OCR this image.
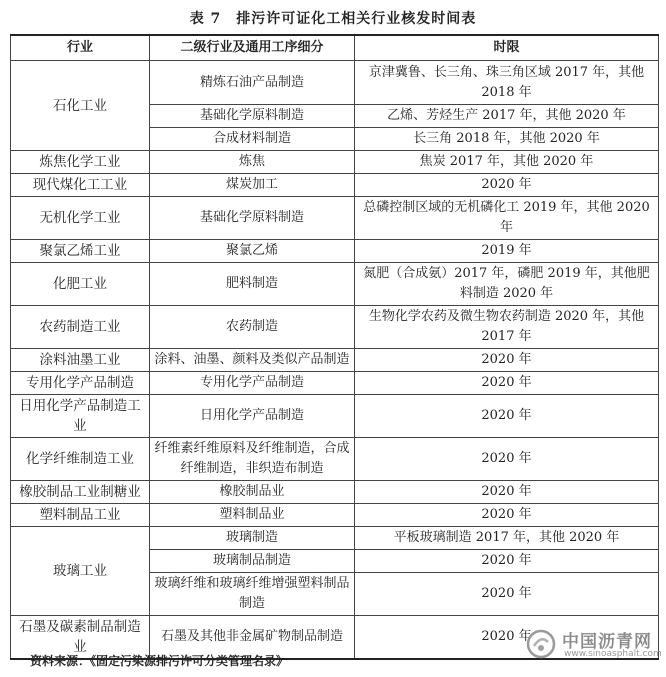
表 7　排污许可证化工相关行业核发时间表
行业	二级行业及通用工序细分	时限
石化工业	精炼石油产品制造	京津冀鲁、长三角、珠三角区域 2017 年，其他 2018 年
	基础化学原料制造	乙烯、芳烃生产 2017 年，其他 2020 年
	合成材料制造	长三角 2018 年，其他 2020 年
炼焦化学工业	炼焦	焦炭 2017 年，其他 2020 年
现代煤化工工业	煤炭加工	2020 年
无机化学工业	基础化学原料制造	总磷控制区域的无机磷化工 2019 年，其他 2020 年
聚氯乙烯工业	聚氯乙烯	2019 年
化肥工业	肥料制造	氮肥（合成氨）2017 年，磷肥 2019 年，其他肥料制造 2020 年
农药制造工业	农药制造	生物化学农药及微生物农药制造 2020 年，其他 2017 年
涂料油墨工业	涂料、油墨、颜料及类似产品制造	2020 年
专用化学产品制造	专用化学产品制造	2020 年
日用化学产品制造工业	日用化学产品制造	2020 年
化学纤维制造工业	纤维素纤维原料及纤维制造，合成纤维制造，非织造布制造	2020 年
橡胶制品工业制糖业	橡胶制品业	2020 年
塑料制品工业	塑料制品业	2020 年
玻璃工业	玻璃制造	平板玻璃制造 2017 年，其他 2020 年
	玻璃制品制造	2020 年
	玻璃纤维和玻璃纤维增强塑料制品制造	2020 年
石墨及碳素制品制造业	石墨及其他非金属矿物制品制造	2020 年
资料来源：《固定污染源排污许可分类管理名录》
中国沥青网
www.sinoasphalt.com
